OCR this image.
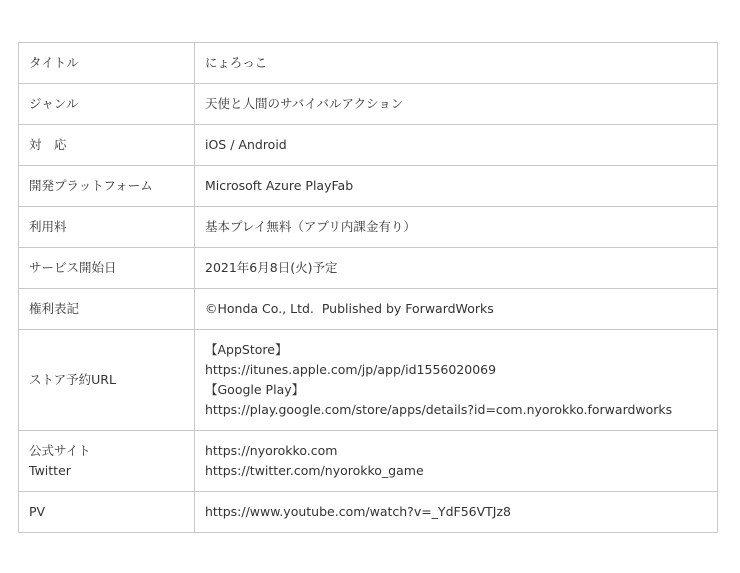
タイトル	にょろっこ

ジャンル	天使と人間のサバイバルアクション

対　応	iOS / Android

開発プラットフォーム	Microsoft Azure PlayFab

利用料	基本プレイ無料（アプリ内課金有り）

サービス開始日	2021年6月8日(火)予定

権利表記	©Honda Co., Ltd.  Published by ForwardWorks

ストア予約URL	【AppStore】
https://itunes.apple.com/jp/app/id1556020069
【Google Play】
https://play.google.com/store/apps/details?id=com.nyorokko.forwardworks

公式サイト
Twitter	https://nyorokko.com
https://twitter.com/nyorokko_game

PV	https://www.youtube.com/watch?v=_YdF56VTJz8
